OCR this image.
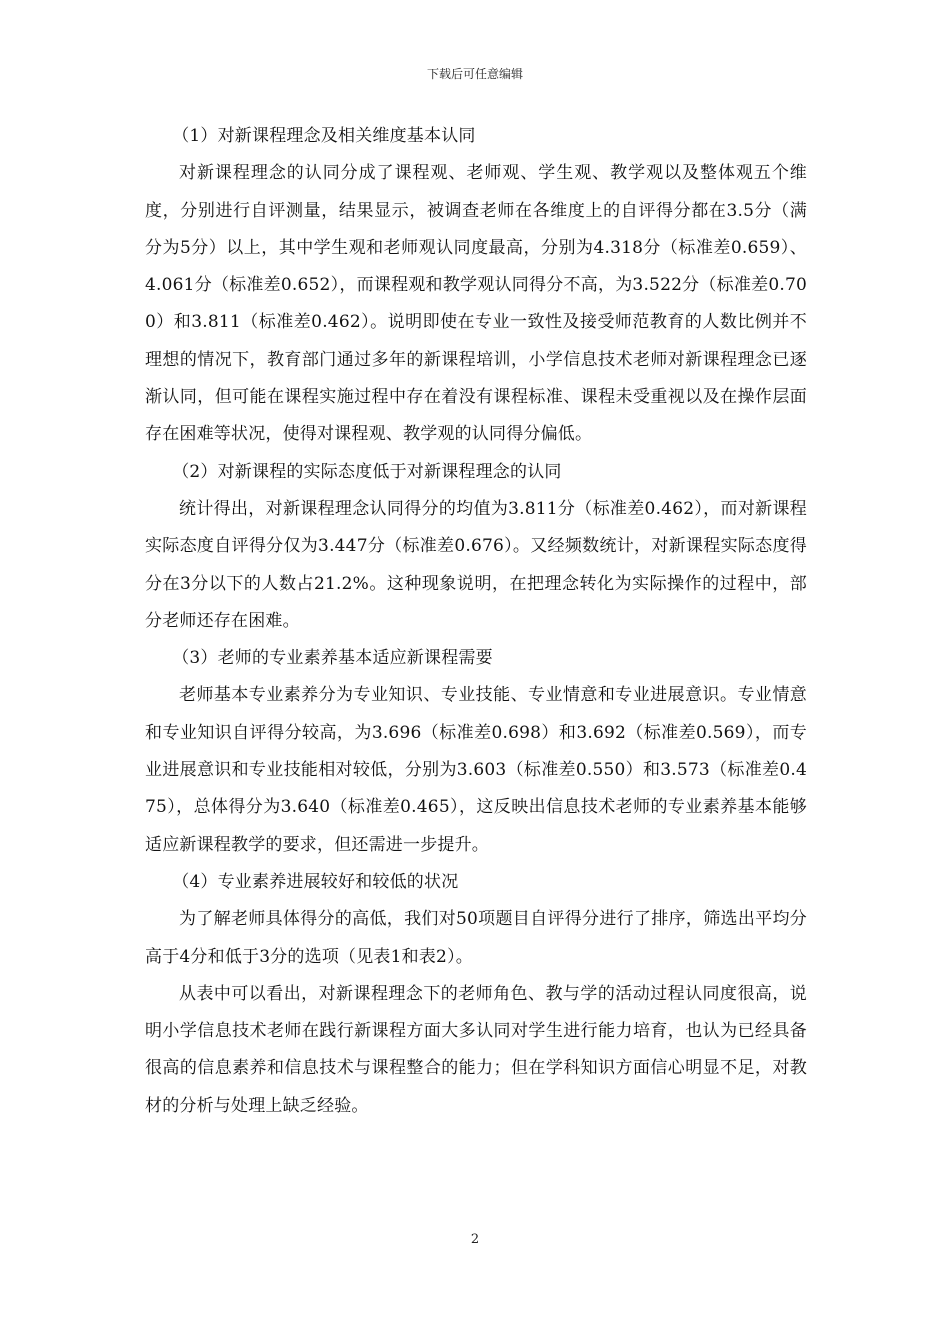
下载后可任意编辑

（1）对新课程理念及相关维度基本认同

对新课程理念的认同分成了课程观、老师观、学生观、教学观以及整体观五个维度，分别进行自评测量，结果显示，被调查老师在各维度上的自评得分都在3.5分（满分为5分）以上，其中学生观和老师观认同度最高，分别为4.318分（标准差0.659）、4.061分（标准差0.652），而课程观和教学观认同得分不高，为3.522分（标准差0.700）和3.811（标准差0.462）。说明即使在专业一致性及接受师范教育的人数比例并不理想的情况下，教育部门通过多年的新课程培训，小学信息技术老师对新课程理念已逐渐认同，但可能在课程实施过程中存在着没有课程标准、课程未受重视以及在操作层面存在困难等状况，使得对课程观、教学观的认同得分偏低。

（2）对新课程的实际态度低于对新课程理念的认同

统计得出，对新课程理念认同得分的均值为3.811分（标准差0.462），而对新课程实际态度自评得分仅为3.447分（标准差0.676）。又经频数统计，对新课程实际态度得分在3分以下的人数占21.2%。这种现象说明，在把理念转化为实际操作的过程中，部分老师还存在困难。

（3）老师的专业素养基本适应新课程需要

老师基本专业素养分为专业知识、专业技能、专业情意和专业进展意识。专业情意和专业知识自评得分较高，为3.696（标准差0.698）和3.692（标准差0.569），而专业进展意识和专业技能相对较低，分别为3.603（标准差0.550）和3.573（标准差0.475），总体得分为3.640（标准差0.465），这反映出信息技术老师的专业素养基本能够适应新课程教学的要求，但还需进一步提升。

（4）专业素养进展较好和较低的状况

为了解老师具体得分的高低，我们对50项题目自评得分进行了排序，筛选出平均分高于4分和低于3分的选项（见表1和表2）。

从表中可以看出，对新课程理念下的老师角色、教与学的活动过程认同度很高，说明小学信息技术老师在践行新课程方面大多认同对学生进行能力培育，也认为已经具备很高的信息素养和信息技术与课程整合的能力；但在学科知识方面信心明显不足，对教材的分析与处理上缺乏经验。

2
